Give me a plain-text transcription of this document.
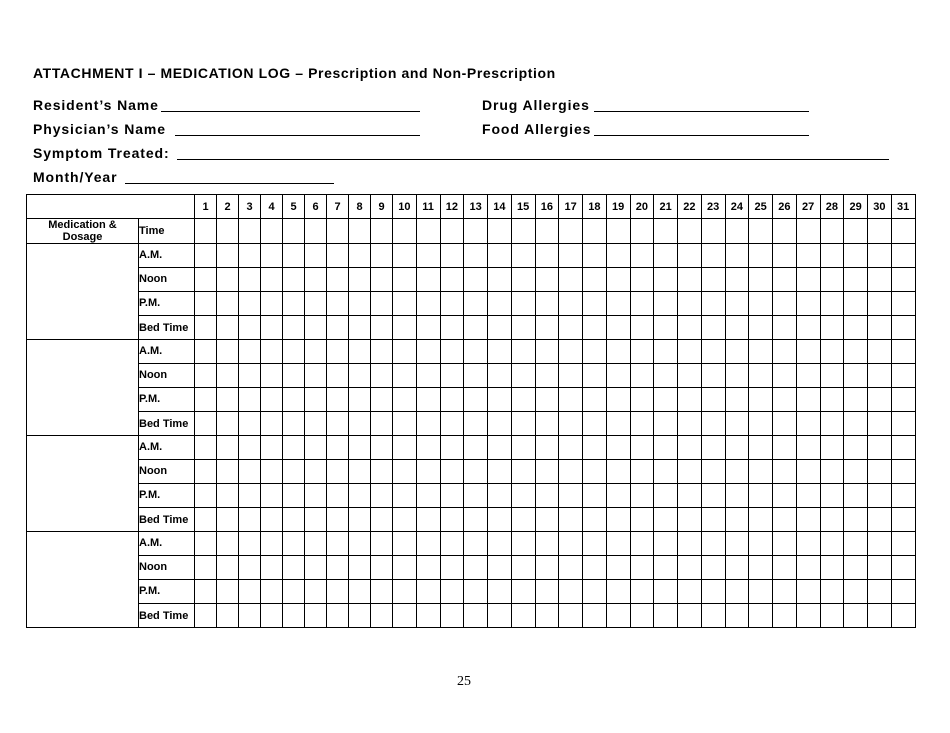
ATTACHMENT I – MEDICATION LOG – Prescription and Non-Prescription
Resident’s Name	Drug Allergies
Physician’s Name	Food Allergies
Symptom Treated:
Month/Year
		1	2	3	4	5	6	7	8	9	10	11	12	13	14	15	16	17	18	19	20	21	22	23	24	25	26	27	28	29	30	31
Medication & Dosage	Time																															
	A.M.																															
	Noon																															
	P.M.																															
	Bed Time																															
	A.M.																															
	Noon																															
	P.M.																															
	Bed Time																															
	A.M.																															
	Noon																															
	P.M.																															
	Bed Time																															
	A.M.																															
	Noon																															
	P.M.																															
	Bed Time																															
25
